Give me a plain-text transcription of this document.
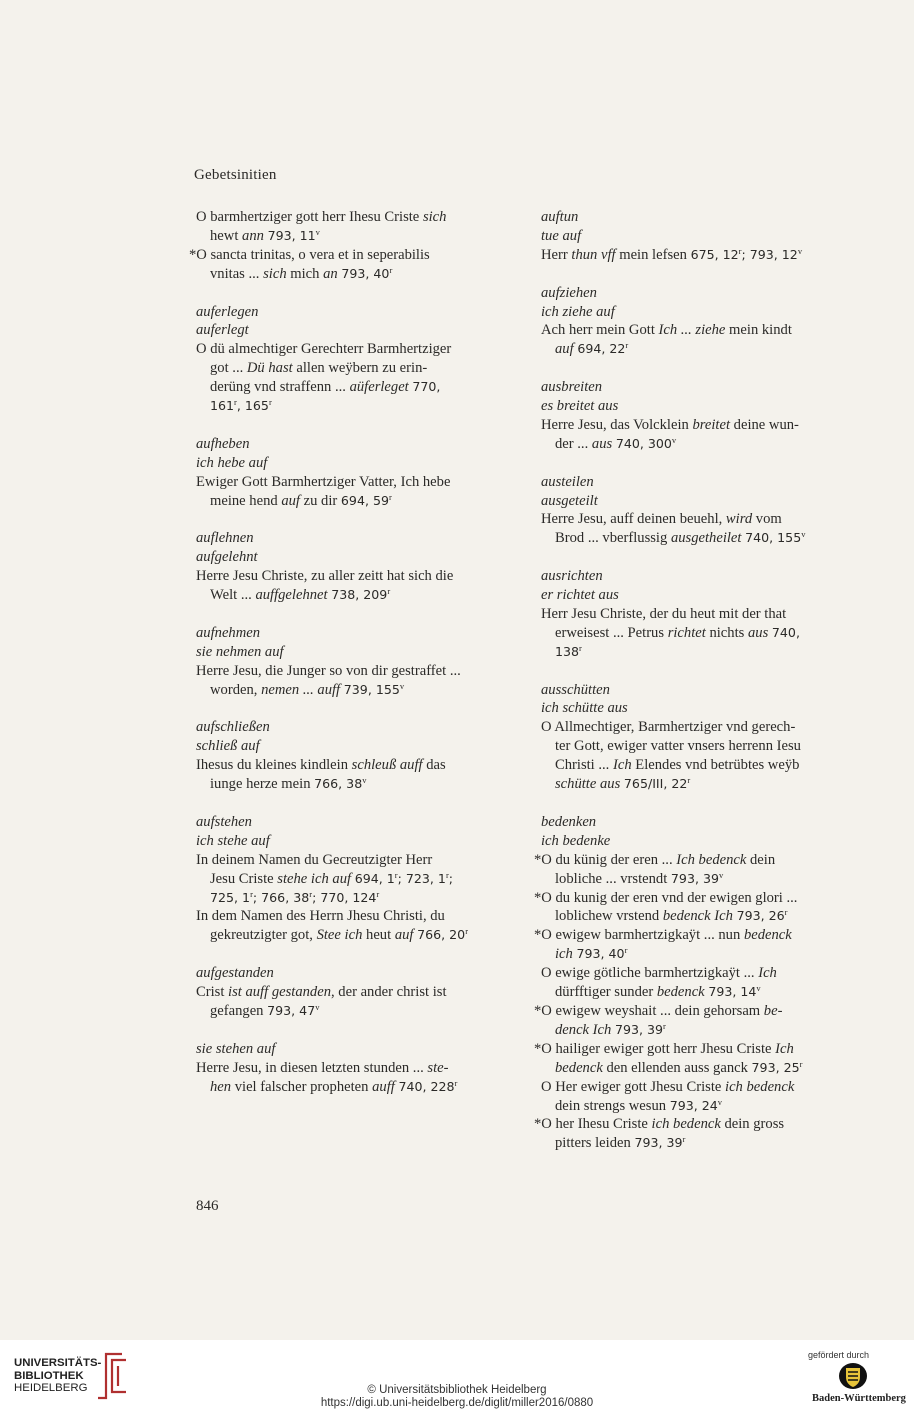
Gebetsinitien
O barmhertziger gott herr Ihesu Criste sich
hewt ann 793, 11$^v$
*O sancta trinitas, o vera et in seperabilis
vnitas ... sich mich an 793, 40$^r$
auferlegen
auferlegt
O dü almechtiger Gerechterr Barmhertziger
got ... Dü hast allen weÿbern zu erin-
derüng vnd straffenn ... aüferleget 770,
161$^r$, 165$^r$
aufheben
ich hebe auf
Ewiger Gott Barmhertziger Vatter, Ich hebe
meine hend auf zu dir 694, 59$^r$
auflehnen
aufgelehnt
Herre Jesu Christe, zu aller zeitt hat sich die
Welt ... auffgelehnet 738, 209$^r$
aufnehmen
sie nehmen auf
Herre Jesu, die Junger so von dir gestraffet ...
worden, nemen ... auff 739, 155$^v$
aufschließen
schließ auf
Ihesus du kleines kindlein schleuß auff das
iunge herze mein 766, 38$^v$
aufstehen
ich stehe auf
In deinem Namen du Gecreutzigter Herr
Jesu Criste stehe ich auf 694, 1$^r$; 723, 1$^r$;
725, 1$^r$; 766, 38$^r$; 770, 124$^r$
In dem Namen des Herrn Jhesu Christi, du
gekreutzigter got, Stee ich heut auf 766, 20$^r$
aufgestanden
Crist ist auff gestanden, der ander christ ist
gefangen 793, 47$^v$
sie stehen auf
Herre Jesu, in diesen letzten stunden ... ste-
hen viel falscher propheten auff 740, 228$^r$
auftun
tue auf
Herr thun vff mein lefsen 675, 12$^r$; 793, 12$^v$
aufziehen
ich ziehe auf
Ach herr mein Gott Ich ... ziehe mein kindt
auf 694, 22$^r$
ausbreiten
es breitet aus
Herre Jesu, das Volcklein breitet deine wun-
der ... aus 740, 300$^v$
austeilen
ausgeteilt
Herre Jesu, auff deinen beuehl, wird vom
Brod ... vberflussig ausgetheilet 740, 155$^v$
ausrichten
er richtet aus
Herr Jesu Christe, der du heut mit der that
erweisest ... Petrus richtet nichts aus 740,
138$^r$
ausschütten
ich schütte aus
O Allmechtiger, Barmhertziger vnd gerech-
ter Gott, ewiger vatter vnsers herrenn Iesu
Christi ... Ich Elendes vnd betrübtes weÿb
schütte aus 765/III, 22$^r$
bedenken
ich bedenke
*O du künig der eren ... Ich bedenck dein
lobliche ... vrstendt 793, 39$^v$
*O du kunig der eren vnd der ewigen glori ...
loblichew vrstend bedenck Ich 793, 26$^r$
*O ewigew barmhertzigkaÿt ... nun bedenck
ich 793, 40$^r$
O ewige götliche barmhertzigkaÿt ... Ich
dürfftiger sunder bedenck 793, 14$^v$
*O ewigew weyshait ... dein gehorsam be-
denck Ich 793, 39$^r$
*O hailiger ewiger gott herr Jhesu Criste Ich
bedenck den ellenden auss ganck 793, 25$^r$
O Her ewiger gott Jhesu Criste ich bedenck
dein strengs wesun 793, 24$^v$
*O her Ihesu Criste ich bedenck dein gross
pitters leiden 793, 39$^r$
846
UNIVERSITÄTS-
BIBLIOTHEK
HEIDELBERG	© Universitätsbibliothek Heidelberg
https://digi.ub.uni-heidelberg.de/diglit/miller2016/0880
gefördert durch
Baden-Württemberg
